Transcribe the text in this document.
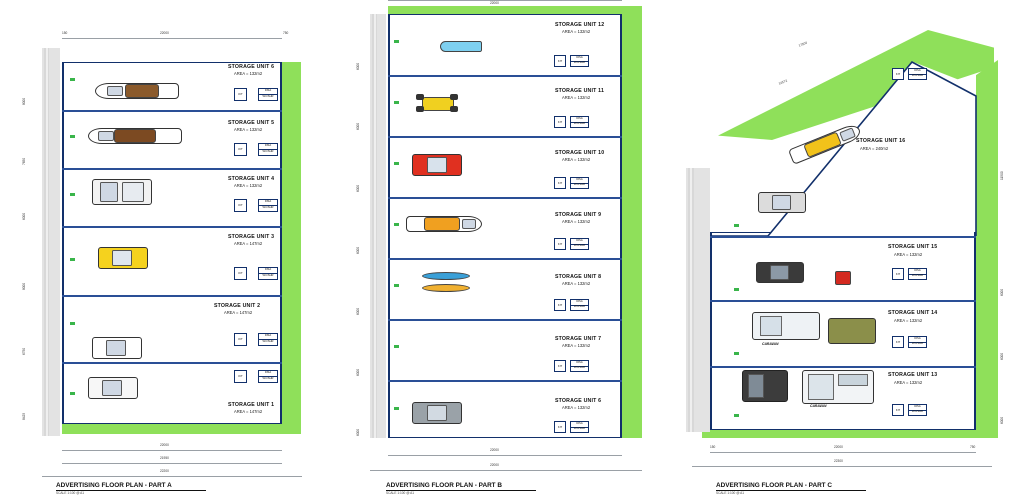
STORAGE UNIT 6
AREA = 132m2
KIT
DISA
WC/SHR
STORAGE UNIT 5
AREA = 132m2
KIT
DISA
WC/SHR
STORAGE UNIT 4
AREA = 132m2
KIT
DISA
WC/SHR
STORAGE UNIT 3
AREA = 147m2
KIT
DISA
WC/SHR
STORAGE UNIT 2
AREA = 147m2
KIT
DISA
WC/SHR
STORAGE UNIT 1
AREA = 147m2
KIT
DISA
WC/SHR
22000
22000
21950
22200
750
150
8000
7650
6000
8000
6750
8425
ADVERTISING FLOOR PLAN - PART A
SCALE 1:100 @ A1
STORAGE UNIT 12
AREA = 132m2
KIT
DISA
WC/SHR
STORAGE UNIT 11
AREA = 132m2
KIT
DISA
WC/SHR
STORAGE UNIT 10
AREA = 132m2
KIT
DISA
WC/SHR
STORAGE UNIT 9
AREA = 132m2
KIT
DISA
WC/SHR
STORAGE UNIT 8
AREA = 132m2
KIT
DISA
WC/SHR
STORAGE UNIT 7
AREA = 132m2
KIT
DISA
WC/SHR
STORAGE UNIT 6
AREA = 132m2
KIT
DISA
WC/SHR
22000
22000
22000
6000
6000
6000
6000
6000
6000
6000
ADVERTISING FLOOR PLAN - PART B
SCALE 1:100 @ A1
STORAGE UNIT 16
AREA = 240m2
KIT
DISA
WC/SHR
STORAGE UNIT 15
AREA = 132m2
KIT
DISA
WC/SHR
STORAGE UNIT 14
AREA = 132m2
KIT
DISA
WC/SHR
CARAVAN
STORAGE UNIT 13
AREA = 132m2
KIT
DISA
WC/SHR
CARAVAN
14572
17500
22000
22300
750
150
11500
6000
6000
6000
ADVERTISING FLOOR PLAN - PART C
SCALE 1:100 @ A1
